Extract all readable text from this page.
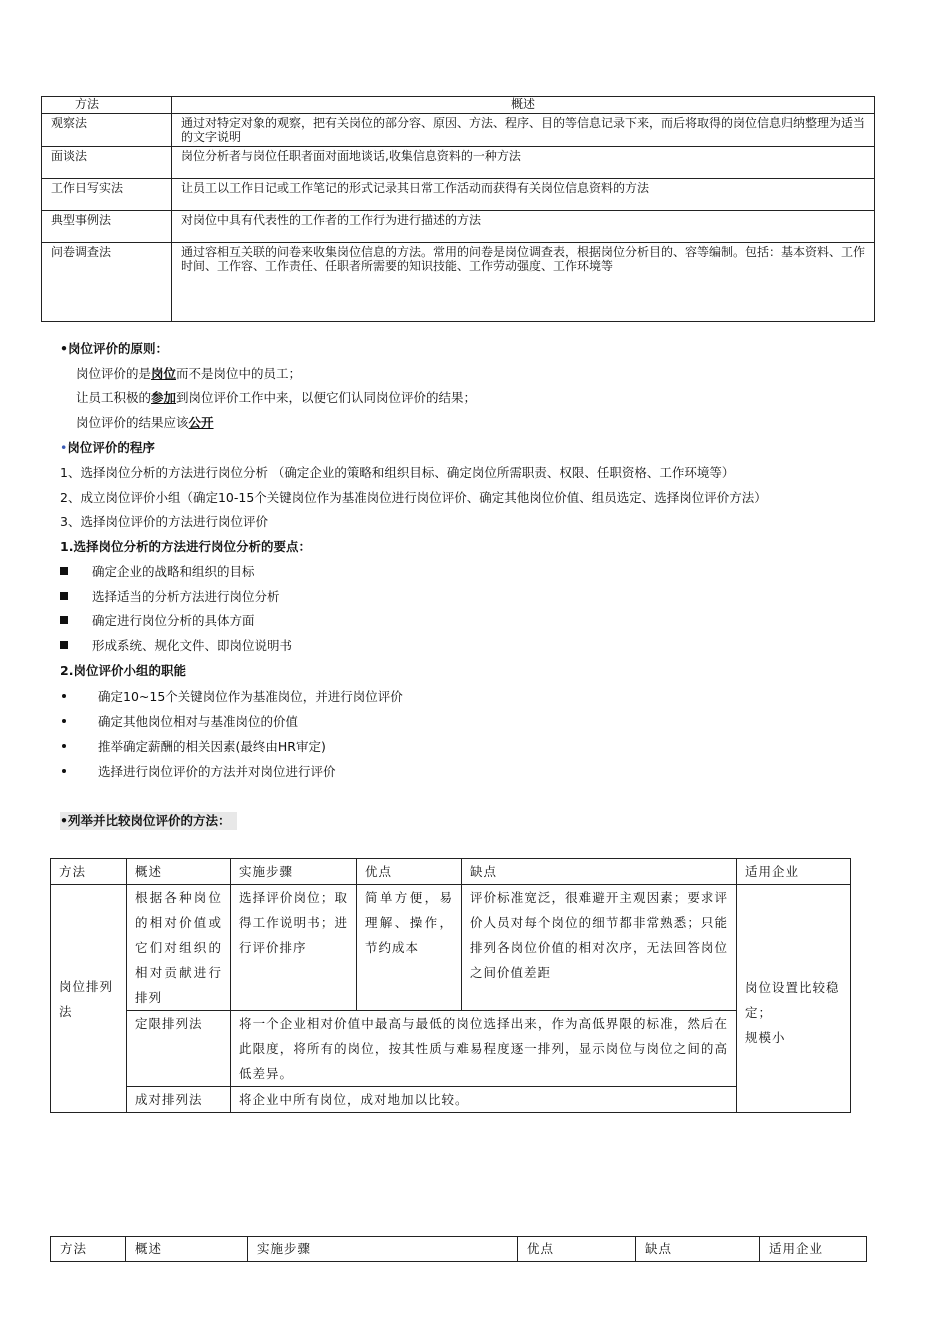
方法	概述
观察法	通过对特定对象的观察，把有关岗位的部分容、原因、方法、程序、目的等信息记录下来，而后将取得的岗位信息归纳整理为适当的文字说明
面谈法	岗位分析者与岗位任职者面对面地谈话,收集信息资料的一种方法
工作日写实法	让员工以工作日记或工作笔记的形式记录其日常工作活动而获得有关岗位信息资料的方法
典型事例法	对岗位中具有代表性的工作者的工作行为进行描述的方法
问卷调查法	通过容相互关联的问卷来收集岗位信息的方法。常用的问卷是岗位调查表，根据岗位分析目的、容等编制。包括：基本资料、工作时间、工作容、工作责任、任职者所需要的知识技能、工作劳动强度、工作环境等
•岗位评价的原则：
岗位评价的是岗位而不是岗位中的员工；
让员工积极的参加到岗位评价工作中来，以便它们认同岗位评价的结果；
岗位评价的结果应该公开
•岗位评价的程序
1、选择岗位分析的方法进行岗位分析 （确定企业的策略和组织目标、确定岗位所需职责、权限、任职资格、工作环境等）
2、成立岗位评价小组（确定10-15个关键岗位作为基准岗位进行岗位评价、确定其他岗位价值、组员选定、选择岗位评价方法）
3、选择岗位评价的方法进行岗位评价
1.选择岗位分析的方法进行岗位分析的要点：
确定企业的战略和组织的目标
选择适当的分析方法进行岗位分析
确定进行岗位分析的具体方面
形成系统、规化文件、即岗位说明书
2.岗位评价小组的职能
确定10~15个关键岗位作为基准岗位，并进行岗位评价
确定其他岗位相对与基准岗位的价值
推举确定薪酬的相关因素(最终由HR审定)
选择进行岗位评价的方法并对岗位进行评价
•列举并比较岗位评价的方法：
方法	概述	实施步骤	优点	缺点	适用企业
岗位排列法	根据各种岗位的相对价值或它们对组织的相对贡献进行排列	选择评价岗位；取得工作说明书；进行评价排序	简单方便，易理解、操作，节约成本	评价标准宽泛，很难避开主观因素；要求评价人员对每个岗位的细节都非常熟悉；只能排列各岗位价值的相对次序，无法回答岗位之间价值差距	岗位设置比较稳定；
规模小

	定限排列法	将一个企业相对价值中最高与最低的岗位选择出来，作为高低界限的标准，然后在此限度，将所有的岗位，按其性质与难易程度逐一排列，显示岗位与岗位之间的高低差异。			
	成对排列法	将企业中所有岗位，成对地加以比较。			
方法	概述	实施步骤	优点	缺点	适用企业
